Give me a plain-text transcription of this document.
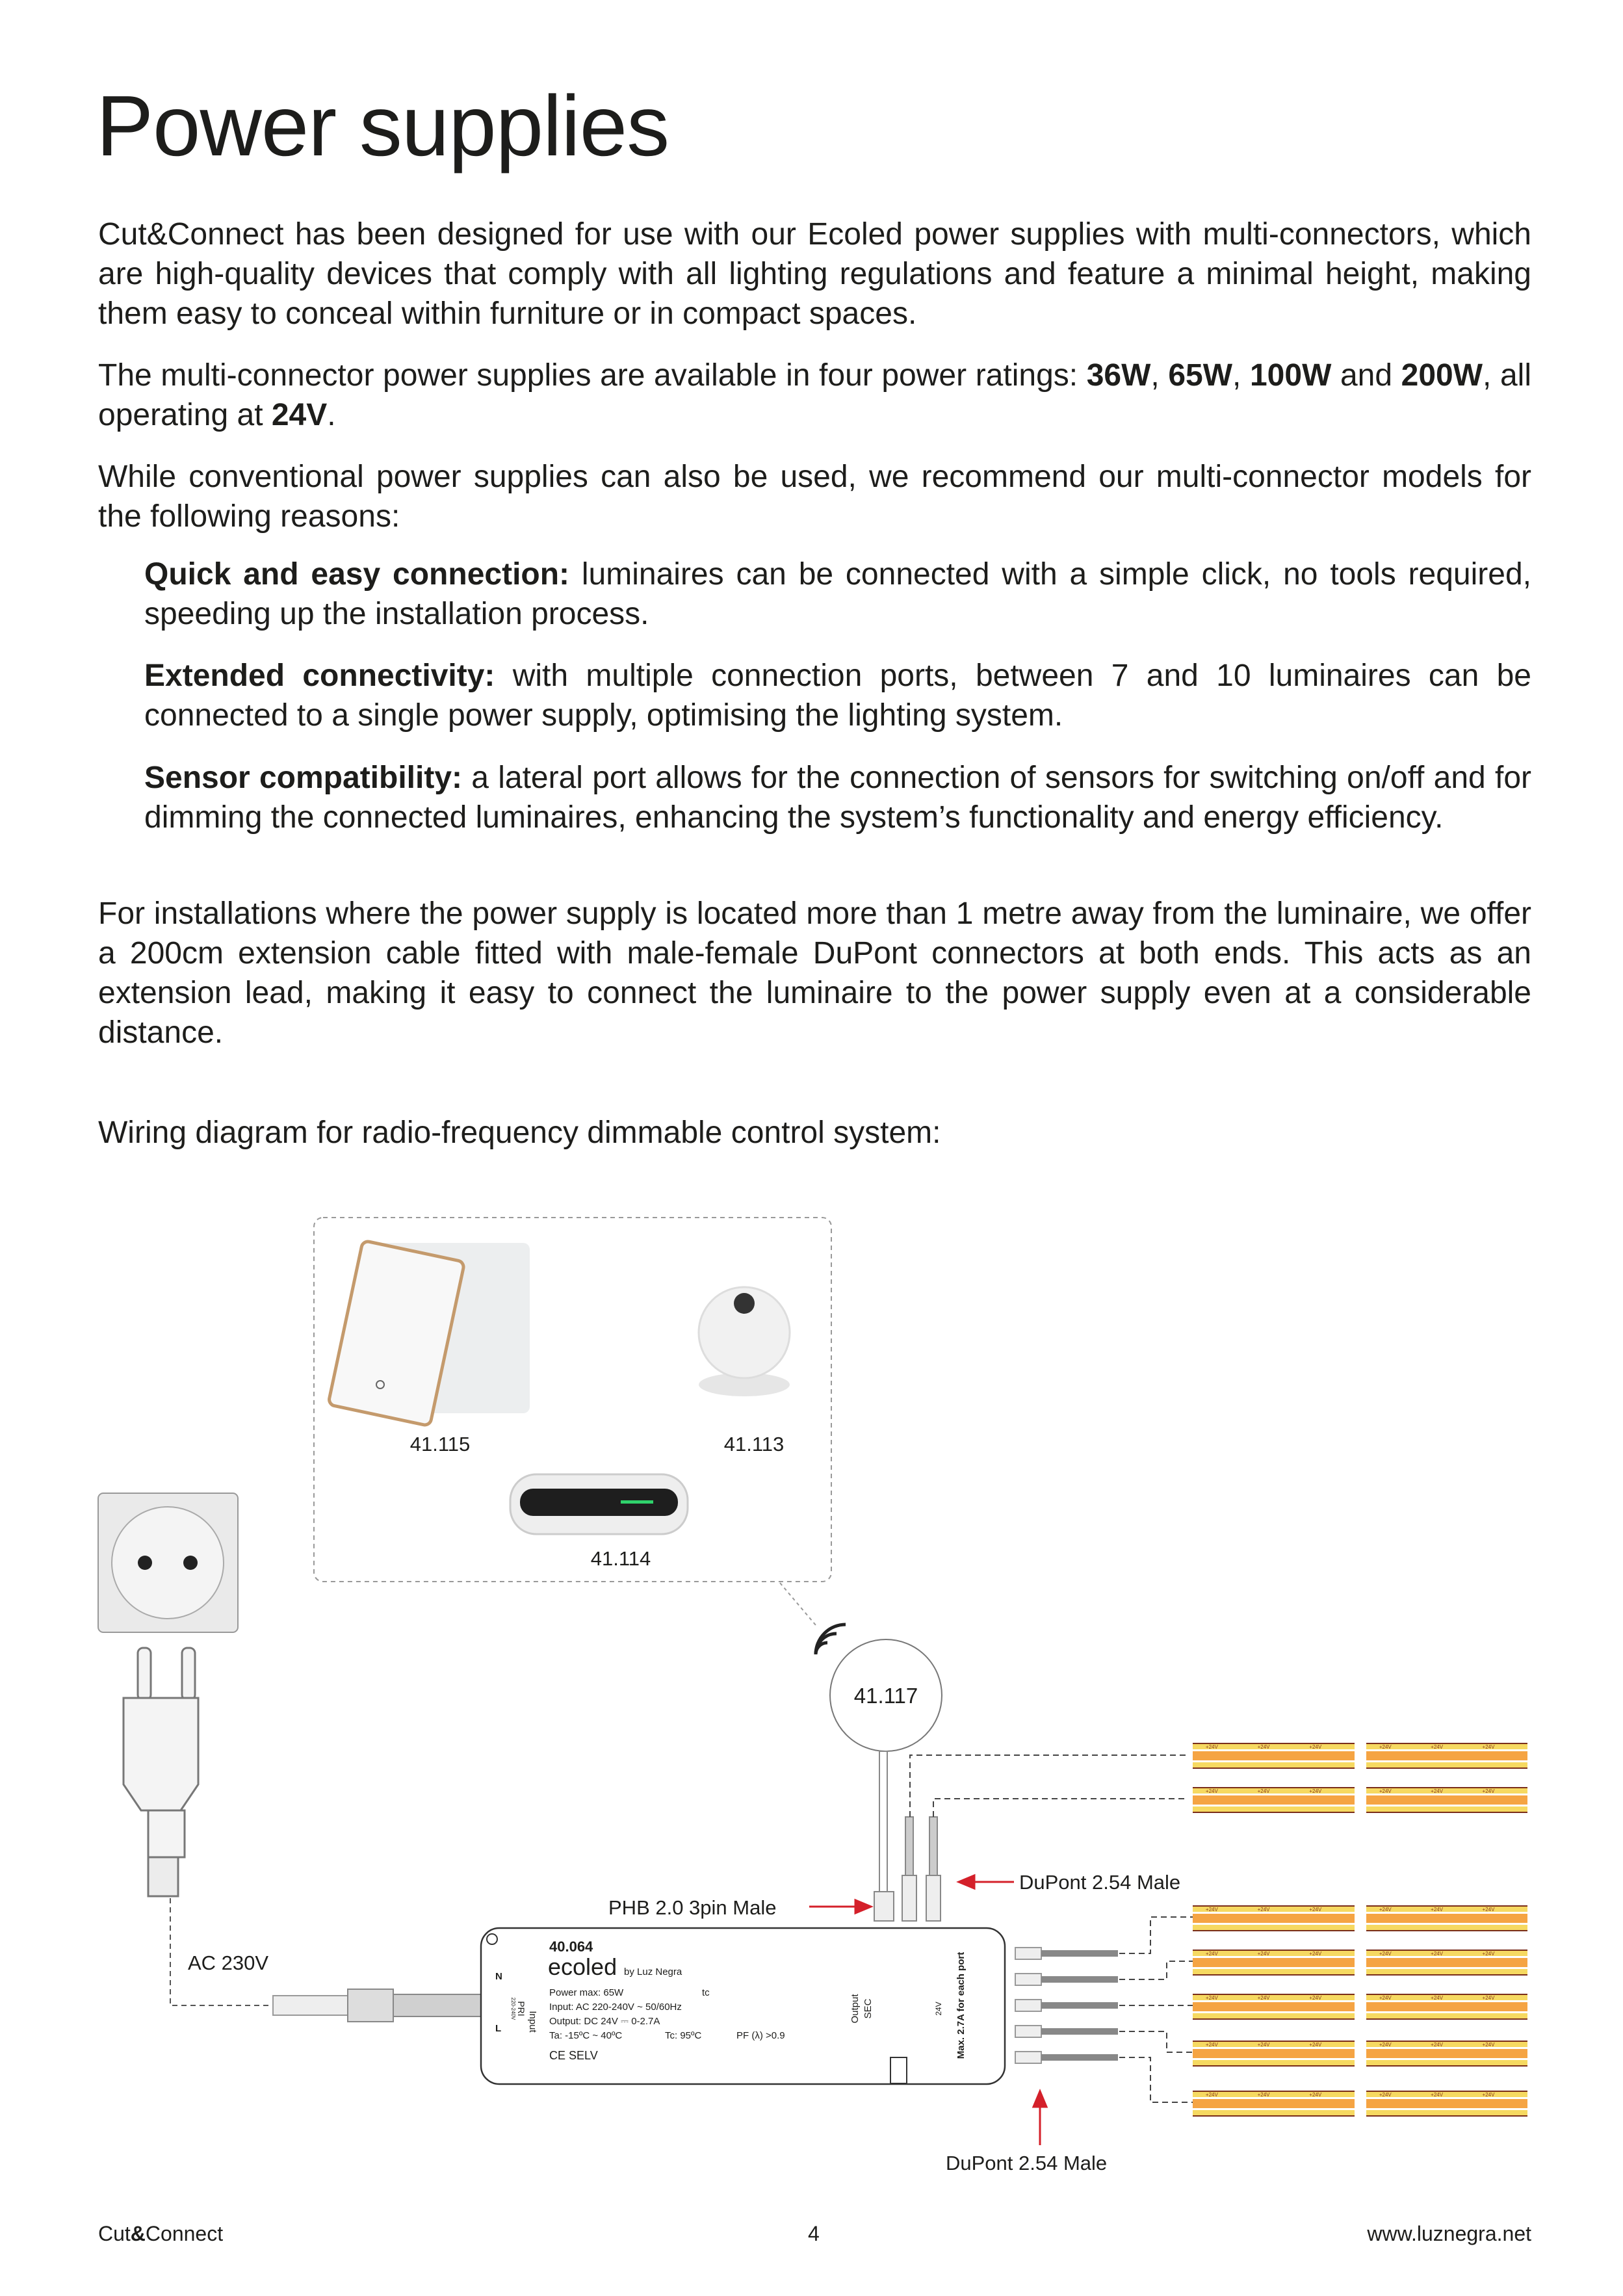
Power supplies

Cut&Connect has been designed for use with our Ecoled power supplies with multi-connectors, which are high-quality devices that comply with all lighting regulations and feature a minimal height, making them easy to conceal within furniture or in compact spaces.

The multi-connector power supplies are available in four power ratings: 36W, 65W, 100W and 200W, all operating at 24V.

While conventional power supplies can also be used, we recommend our multi-connector models for the following reasons:

Quick and easy connection: luminaires can be connected with a simple click, no tools required, speeding up the installation process.

Extended connectivity: with multiple connection ports, between 7 and 10 luminaires can be connected to a single power supply, optimising the lighting system.

Sensor compatibility: a lateral port allows for the connection of sensors for switching on/off and for dimming the connected luminaires, enhancing the system’s functionality and energy efficiency.

For installations where the power supply is located more than 1 metre away from the luminaire, we offer a 200cm extension cable fitted with male-female DuPont connectors at both ends. This acts as an extension lead, making it easy to connect the luminaire to the power supply even at a considerable distance.

Wiring diagram for radio-frequency dimmable control system:

41.115	41.113
41.114
AC 230V
41.117
PHB 2.0 3pin Male
DuPont 2.54 Male
DuPont 2.54 Male
40.064
ecoled by Luz Negra
Power max: 65W
Input: AC 220-240V ~ 50/60Hz
Output: DC 24V ⎓ 0-2.7A
Ta: -15ºC ~ 40ºC	Tc: 95ºC	PF (λ) >0.9
tc
CE SELV
N
L	Input
PRI
220-240V	Output SEC	24V Max. 2.7A for each port
+24V	+24V	+24V	+24V	+24V	+24V
+24V	+24V	+24V	+24V	+24V	+24V
+24V	+24V	+24V	+24V	+24V	+24V
+24V	+24V	+24V	+24V	+24V	+24V
+24V	+24V	+24V	+24V	+24V	+24V
+24V	+24V	+24V	+24V	+24V	+24V
+24V	+24V	+24V	+24V	+24V	+24V
Cut&Connect	4	www.luznegra.net
